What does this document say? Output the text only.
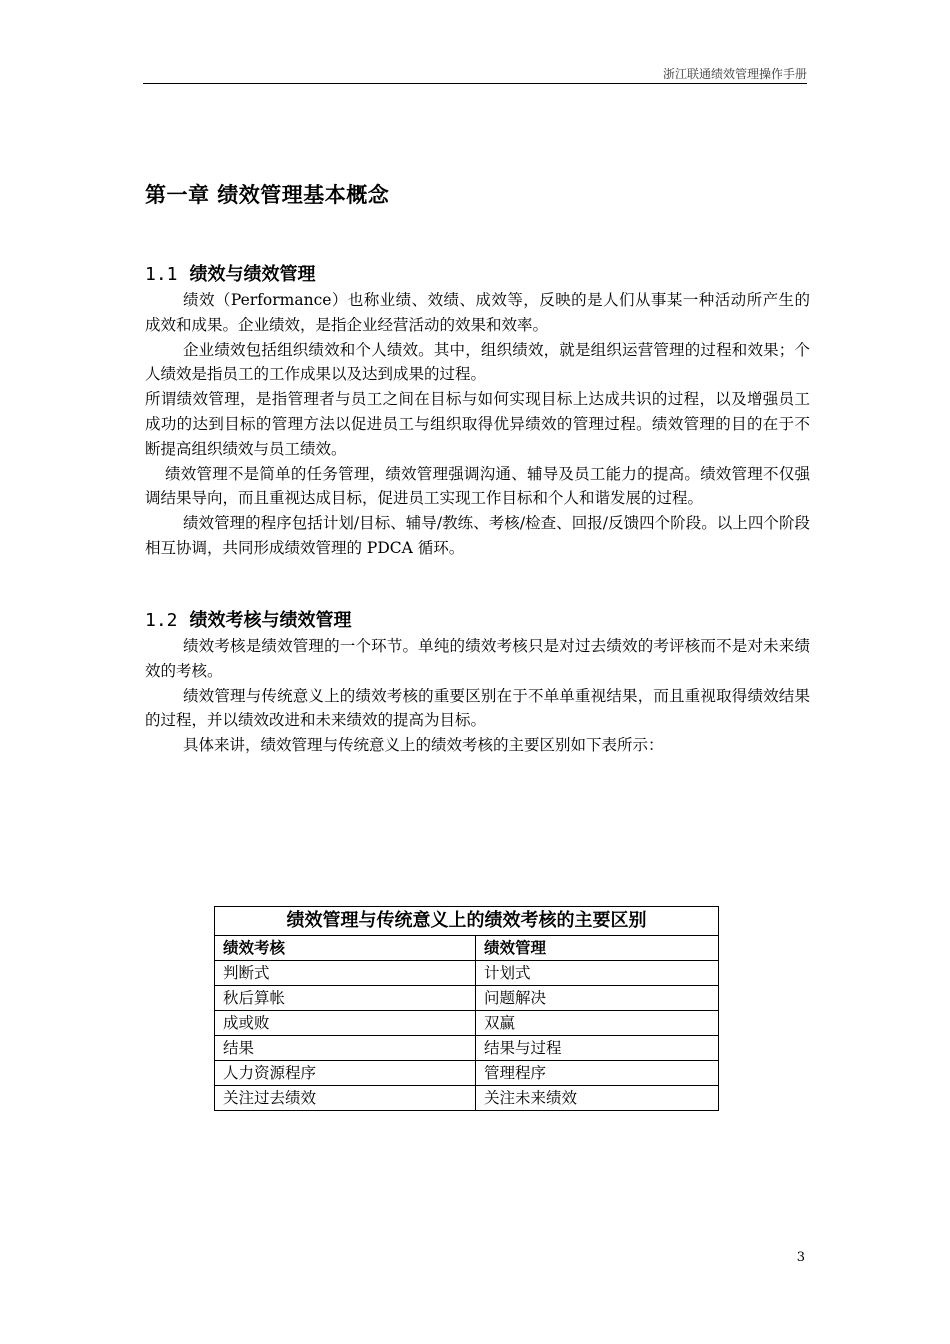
浙江联通绩效管理操作手册
第一章 绩效管理基本概念
1.1 绩效与绩效管理

绩效（Performance）也称业绩、效绩、成效等，反映的是人们从事某一种活动所产生的成效和成果。企业绩效，是指企业经营活动的效果和效率。

企业绩效包括组织绩效和个人绩效。其中，组织绩效，就是组织运营管理的过程和效果；个人绩效是指员工的工作成果以及达到成果的过程。

所谓绩效管理，是指管理者与员工之间在目标与如何实现目标上达成共识的过程，以及增强员工成功的达到目标的管理方法以促进员工与组织取得优异绩效的管理过程。绩效管理的目的在于不断提高组织绩效与员工绩效。

绩效管理不是简单的任务管理，绩效管理强调沟通、辅导及员工能力的提高。绩效管理不仅强调结果导向，而且重视达成目标，促进员工实现工作目标和个人和谐发展的过程。

绩效管理的程序包括计划/目标、辅导/教练、考核/检查、回报/反馈四个阶段。以上四个阶段相互协调，共同形成绩效管理的 PDCA 循环。

1.2 绩效考核与绩效管理

绩效考核是绩效管理的一个环节。单纯的绩效考核只是对过去绩效的考评核而不是对未来绩效的考核。

绩效管理与传统意义上的绩效考核的重要区别在于不单单重视结果，而且重视取得绩效结果的过程，并以绩效改进和未来绩效的提高为目标。

具体来讲，绩效管理与传统意义上的绩效考核的主要区别如下表所示：

绩效管理与传统意义上的绩效考核的主要区别	
绩效考核	绩效管理
判断式	计划式
秋后算帐	问题解决
成或败	双赢
结果	结果与过程
人力资源程序	管理程序
关注过去绩效	关注未来绩效
3
